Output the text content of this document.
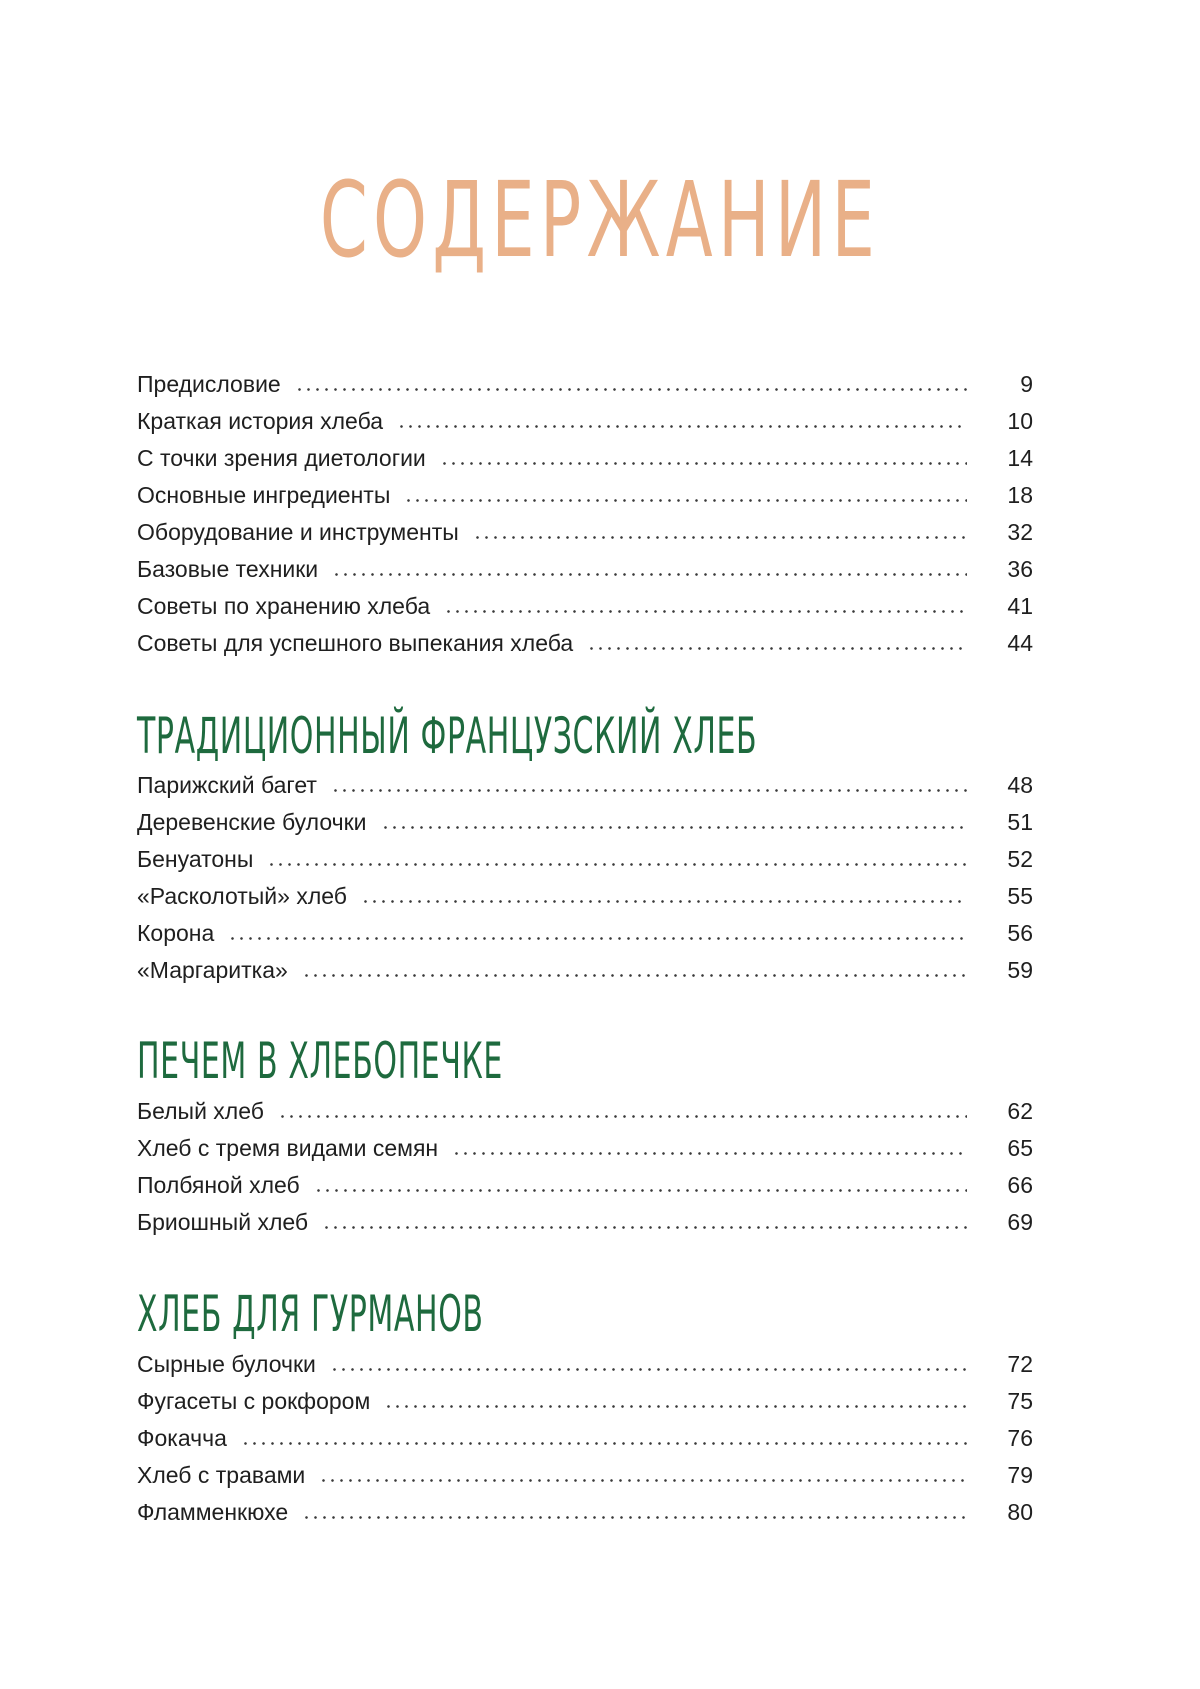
СОДЕРЖАНИЕ
Предисловие	9
Краткая история хлеба	10
С точки зрения диетологии	14
Основные ингредиенты	18
Оборудование и инструменты	32
Базовые техники	36
Советы по хранению хлеба	41
Советы для успешного выпекания хлеба	44
ТРАДИЦИОННЫЙ ФРАНЦУЗСКИЙ ХЛЕБ
Парижский багет	48
Деревенские булочки	51
Бенуатоны	52
«Расколотый» хлеб	55
Корона	56
«Маргаритка»	59
ПЕЧЕМ В ХЛЕБОПЕЧКЕ
Белый хлеб	62
Хлеб с тремя видами семян	65
Полбяной хлеб	66
Бриошный хлеб	69
ХЛЕБ ДЛЯ ГУРМАНОВ
Сырные булочки	72
Фугасеты с рокфором	75
Фокачча	76
Хлеб с травами	79
Фламменкюхе	80
